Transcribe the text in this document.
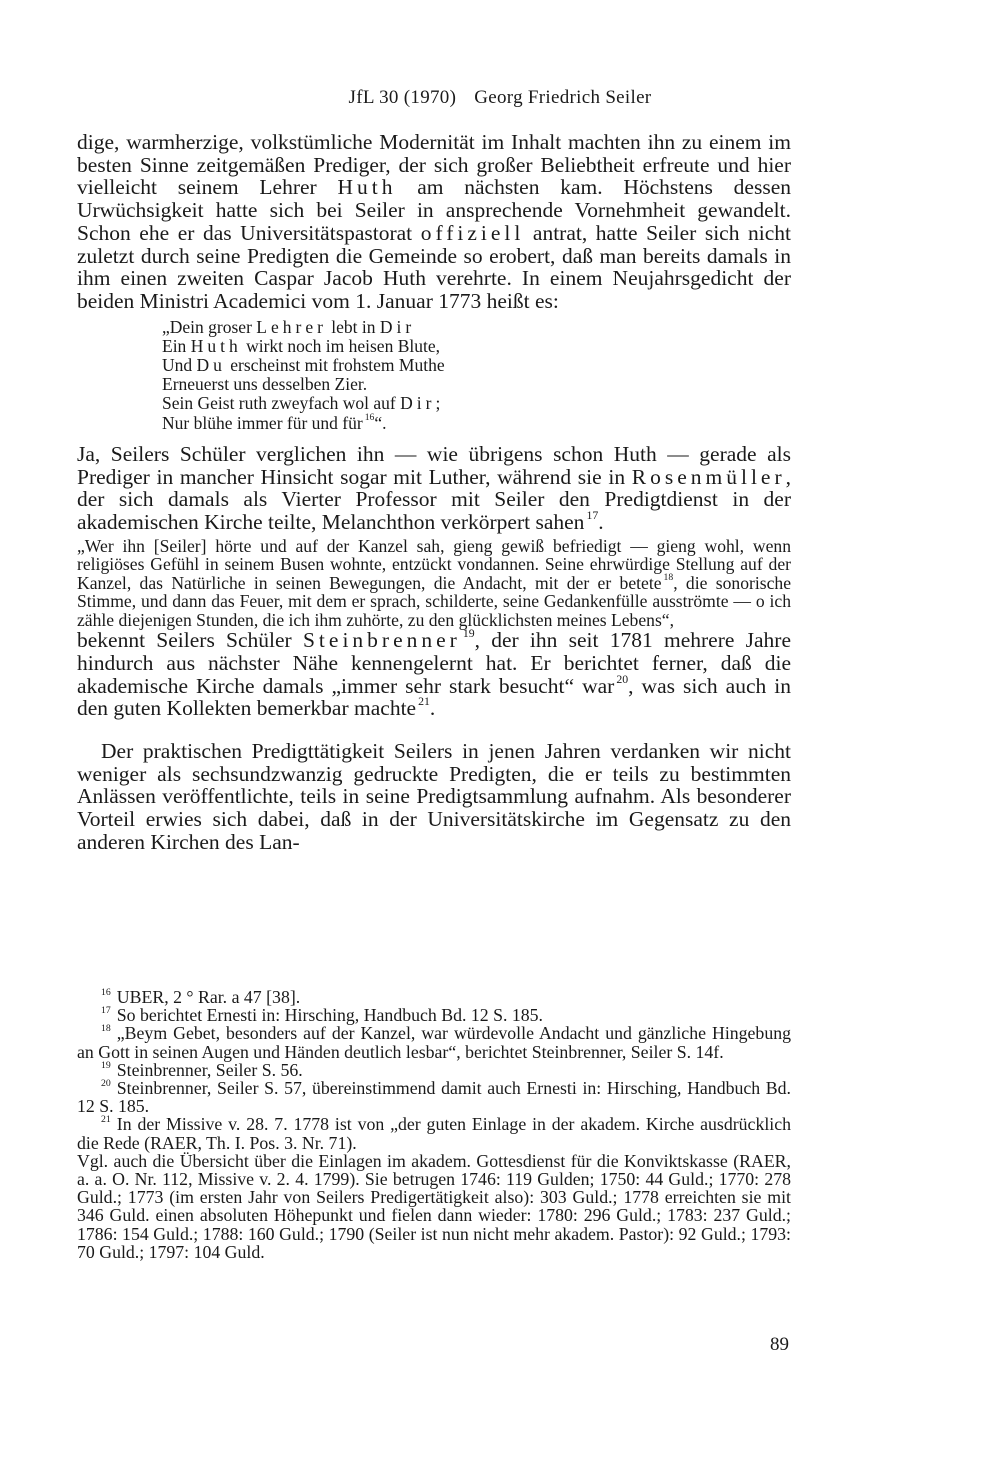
JfL 30 (1970) Georg Friedrich Seiler

dige, warmherzige, volkstümliche Modernität im Inhalt machten ihn zu einem im besten Sinne zeitgemäßen Prediger, der sich großer Beliebtheit erfreute und hier vielleicht seinem Lehrer Huth am nächsten kam. Höchstens dessen Urwüchsigkeit hatte sich bei Seiler in ansprechende Vornehmheit gewandelt. Schon ehe er das Universitätspastorat offiziell antrat, hatte Seiler sich nicht zuletzt durch seine Predigten die Gemeinde so erobert, daß man bereits damals in ihm einen zweiten Caspar Jacob Huth verehrte. In einem Neujahrsgedicht der beiden Ministri Academici vom 1. Januar 1773 heißt es:

„Dein groser Lehrer lebt in Dir
Ein Huth wirkt noch im heisen Blute,
Und Du erscheinst mit frohstem Muthe
Erneuerst uns desselben Zier.
Sein Geist ruth zweyfach wol auf Dir;
Nur blühe immer für und für $^{16}$“.

Ja, Seilers Schüler verglichen ihn — wie übrigens schon Huth — gerade als Prediger in mancher Hinsicht sogar mit Luther, während sie in Rosenmüller, der sich damals als Vierter Professor mit Seiler den Predigtdienst in der akademischen Kirche teilte, Melanchthon verkörpert sahen $^{17}$.

„Wer ihn [Seiler] hörte und auf der Kanzel sah, gieng gewiß befriedigt — gieng wohl, wenn religiöses Gefühl in seinem Busen wohnte, entzückt vondannen. Seine ehrwürdige Stellung auf der Kanzel, das Natürliche in seinen Bewegungen, die Andacht, mit der er betete $^{18}$, die sonorische Stimme, und dann das Feuer, mit dem er sprach, schilderte, seine Gedankenfülle ausströmte — o ich zähle diejenigen Stunden, die ich ihm zuhörte, zu den glücklichsten meines Lebens“,

bekennt Seilers Schüler Steinbrenner $^{19}$, der ihn seit 1781 mehrere Jahre hindurch aus nächster Nähe kennengelernt hat. Er berichtet ferner, daß die akademische Kirche damals „immer sehr stark besucht“ war $^{20}$, was sich auch in den guten Kollekten bemerkbar machte $^{21}$.

Der praktischen Predigttätigkeit Seilers in jenen Jahren verdanken wir nicht weniger als sechsundzwanzig gedruckte Predigten, die er teils zu bestimmten Anlässen veröffentlichte, teils in seine Predigtsammlung aufnahm. Als besonderer Vorteil erwies sich dabei, daß in der Universitätskirche im Gegensatz zu den anderen Kirchen des Lan-

$^{16}$ UBER, 2 ° Rar. a 47 [38].

$^{17}$ So berichtet Ernesti in: Hirsching, Handbuch Bd. 12 S. 185.

$^{18}$ „Beym Gebet, besonders auf der Kanzel, war würdevolle Andacht und gänzliche Hingebung an Gott in seinen Augen und Händen deutlich lesbar“, berichtet Steinbrenner, Seiler S. 14f.

$^{19}$ Steinbrenner, Seiler S. 56.

$^{20}$ Steinbrenner, Seiler S. 57, übereinstimmend damit auch Ernesti in: Hirsching, Handbuch Bd. 12 S. 185.

$^{21}$ In der Missive v. 28. 7. 1778 ist von „der guten Einlage in der akadem. Kirche ausdrücklich die Rede (RAER, Th. I. Pos. 3. Nr. 71).

Vgl. auch die Übersicht über die Einlagen im akadem. Gottesdienst für die Konviktskasse (RAER, a. a. O. Nr. 112, Missive v. 2. 4. 1799). Sie betrugen 1746: 119 Gulden; 1750: 44 Guld.; 1770: 278 Guld.; 1773 (im ersten Jahr von Seilers Predigertätigkeit also): 303 Guld.; 1778 erreichten sie mit 346 Guld. einen absoluten Höhepunkt und fielen dann wieder: 1780: 296 Guld.; 1783: 237 Guld.; 1786: 154 Guld.; 1788: 160 Guld.; 1790 (Seiler ist nun nicht mehr akadem. Pastor): 92 Guld.; 1793: 70 Guld.; 1797: 104 Guld.

89
